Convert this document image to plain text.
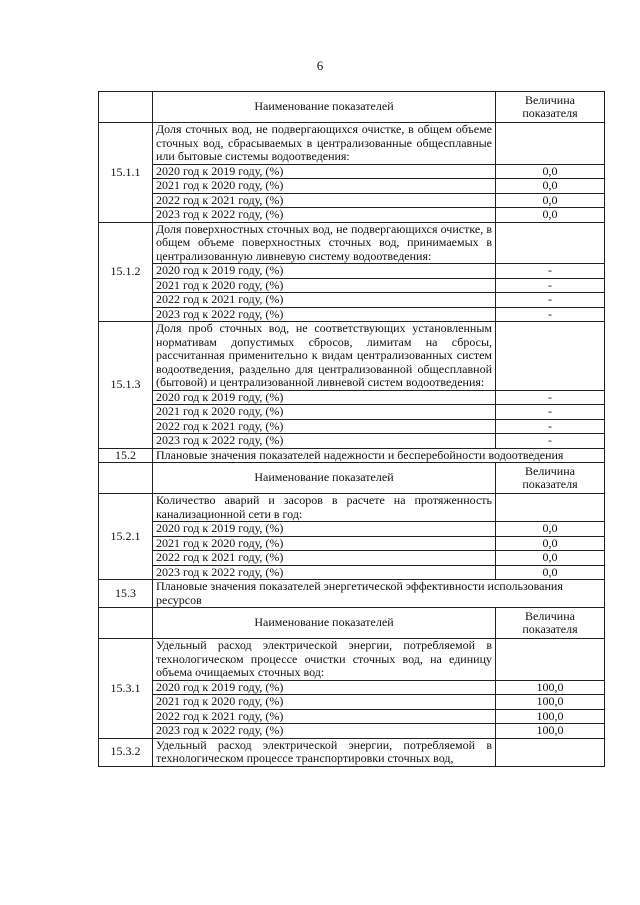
6
	Наименование показателей	Величина показателя
15.1.1	Доля сточных вод, не подвергающихся очистке, в общем объеме сточных вод, сбрасываемых в централизованные общесплавные или бытовые системы водоотведения:	
	2020 год к 2019 году, (%)	0,0
	2021 год к 2020 году, (%)	0,0
	2022 год к 2021 году, (%)	0,0
	2023 год к 2022 году, (%)	0,0
15.1.2	Доля поверхностных сточных вод, не подвергающихся очистке, в общем объеме поверхностных сточных вод, принимаемых в централизованную ливневую систему водоотведения:	
	2020 год к 2019 году, (%)	-
	2021 год к 2020 году, (%)	-
	2022 год к 2021 году, (%)	-
	2023 год к 2022 году, (%)	-
15.1.3	Доля проб сточных вод, не соответствующих установленным нормативам допустимых сбросов, лимитам на сбросы, рассчитанная применительно к видам централизованных систем водоотведения, раздельно для централизованной общесплавной (бытовой) и централизованной ливневой систем водоотведения:	
	2020 год к 2019 году, (%)	-
	2021 год к 2020 году, (%)	-
	2022 год к 2021 году, (%)	-
	2023 год к 2022 году, (%)	-
15.2	Плановые значения показателей надежности и бесперебойности водоотведения	
	Наименование показателей	Величина показателя
15.2.1	Количество аварий и засоров в расчете на протяженность канализационной сети в год:	
	2020 год к 2019 году, (%)	0,0
	2021 год к 2020 году, (%)	0,0
	2022 год к 2021 году, (%)	0,0
	2023 год к 2022 году, (%)	0,0
15.3	Плановые значения показателей энергетической эффективности использования ресурсов	
	Наименование показателей	Величина показателя
15.3.1	Удельный расход электрической энергии, потребляемой в технологическом процессе очистки сточных вод, на единицу объема очищаемых сточных вод:	
	2020 год к 2019 году, (%)	100,0
	2021 год к 2020 году, (%)	100,0
	2022 год к 2021 году, (%)	100,0
	2023 год к 2022 году, (%)	100,0
15.3.2	Удельный расход электрической энергии, потребляемой в технологическом процессе транспортировки сточных вод,	
